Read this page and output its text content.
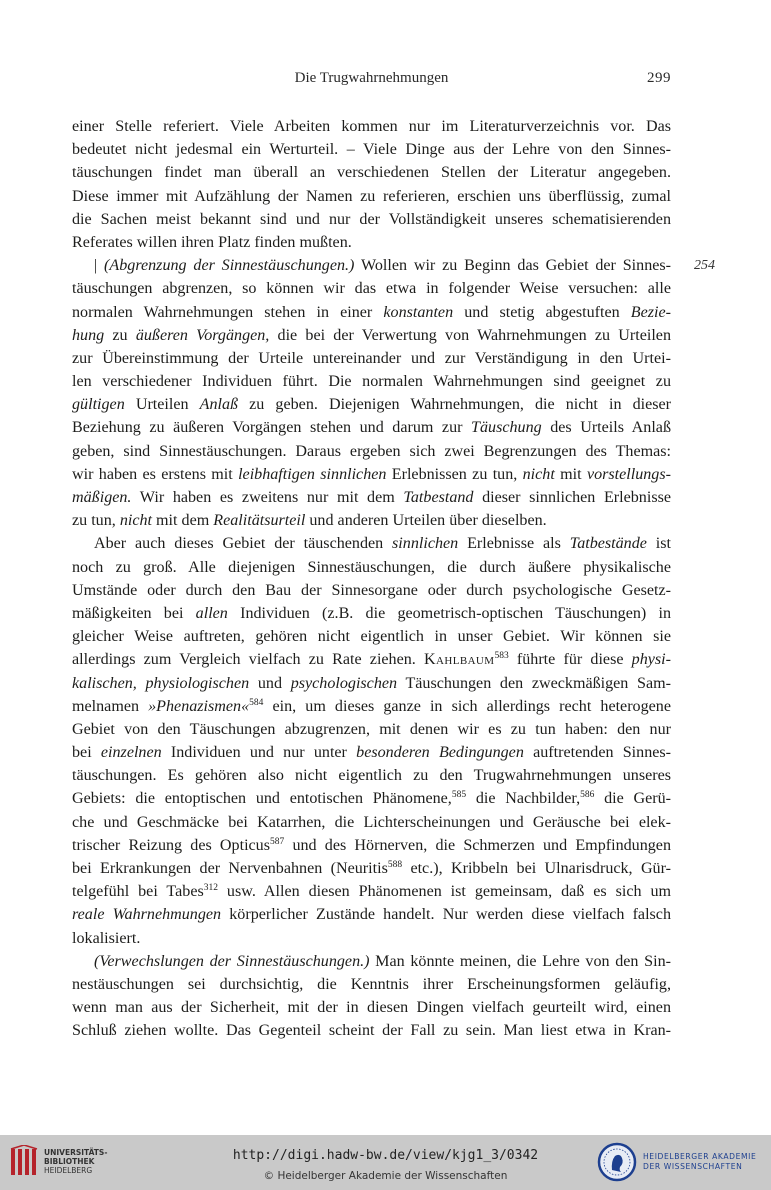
Die Trugwahrnehmungen	299
254
einer Stelle referiert. Viele Arbeiten kommen nur im Literaturverzeichnis vor. Das
bedeutet nicht jedesmal ein Werturteil. – Viele Dinge aus der Lehre von den Sinnes-
täuschungen findet man überall an verschiedenen Stellen der Literatur angegeben.
Diese immer mit Aufzählung der Namen zu referieren, erschien uns überflüssig, zumal
die Sachen meist bekannt sind und nur der Vollständigkeit unseres schematisierenden
Referates willen ihren Platz finden mußten.
| (Abgrenzung der Sinnestäuschungen.) Wollen wir zu Beginn das Gebiet der Sinnes-
täuschungen abgrenzen, so können wir das etwa in folgender Weise versuchen: alle
normalen Wahrnehmungen stehen in einer konstanten und stetig abgestuften Bezie-
hung zu äußeren Vorgängen, die bei der Verwertung von Wahrnehmungen zu Urteilen
zur Übereinstimmung der Urteile untereinander und zur Verständigung in den Urtei-
len verschiedener Individuen führt. Die normalen Wahrnehmungen sind geeignet zu
gültigen Urteilen Anlaß zu geben. Diejenigen Wahrnehmungen, die nicht in dieser
Beziehung zu äußeren Vorgängen stehen und darum zur Täuschung des Urteils Anlaß
geben, sind Sinnestäuschungen. Daraus ergeben sich zwei Begrenzungen des Themas:
wir haben es erstens mit leibhaftigen sinnlichen Erlebnissen zu tun, nicht mit vorstellungs-
mäßigen. Wir haben es zweitens nur mit dem Tatbestand dieser sinnlichen Erlebnisse
zu tun, nicht mit dem Realitätsurteil und anderen Urteilen über dieselben.
Aber auch dieses Gebiet der täuschenden sinnlichen Erlebnisse als Tatbestände ist
noch zu groß. Alle diejenigen Sinnestäuschungen, die durch äußere physikalische
Umstände oder durch den Bau der Sinnesorgane oder durch psychologische Gesetz-
mäßigkeiten bei allen Individuen (z.B. die geometrisch-optischen Täuschungen) in
gleicher Weise auftreten, gehören nicht eigentlich in unser Gebiet. Wir können sie
allerdings zum Vergleich vielfach zu Rate ziehen. Kahlbaum$^{583}$ führte für diese physi-
kalischen, physiologischen und psychologischen Täuschungen den zweckmäßigen Sam-
melnamen »Phenazismen«$^{584}$ ein, um dieses ganze in sich allerdings recht heterogene
Gebiet von den Täuschungen abzugrenzen, mit denen wir es zu tun haben: den nur
bei einzelnen Individuen und nur unter besonderen Bedingungen auftretenden Sinnes-
täuschungen. Es gehören also nicht eigentlich zu den Trugwahrnehmungen unseres
Gebiets: die entoptischen und entotischen Phänomene,$^{585}$ die Nachbilder,$^{586}$ die Gerü-
che und Geschmäcke bei Katarrhen, die Lichterscheinungen und Geräusche bei elek-
trischer Reizung des Opticus$^{587}$ und des Hörnerven, die Schmerzen und Empfindungen
bei Erkrankungen der Nervenbahnen (Neuritis$^{588}$ etc.), Kribbeln bei Ulnarisdruck, Gür-
telgefühl bei Tabes$^{312}$ usw. Allen diesen Phänomenen ist gemeinsam, daß es sich um
reale Wahrnehmungen körperlicher Zustände handelt. Nur werden diese vielfach falsch
lokalisiert.
(Verwechslungen der Sinnestäuschungen.) Man könnte meinen, die Lehre von den Sin-
nestäuschungen sei durchsichtig, die Kenntnis ihrer Erscheinungsformen geläufig,
wenn man aus der Sicherheit, mit der in diesen Dingen vielfach geurteilt wird, einen
Schluß ziehen wollte. Das Gegenteil scheint der Fall zu sein. Man liest etwa in Kran-
UNIVERSITÄTS-
BIBLIOTHEK
HEIDELBERG
http://digi.hadw-bw.de/view/kjg1_3/0342
© Heidelberger Akademie der Wissenschaften
HEIDELBERGER AKADEMIE
DER WISSENSCHAFTEN
